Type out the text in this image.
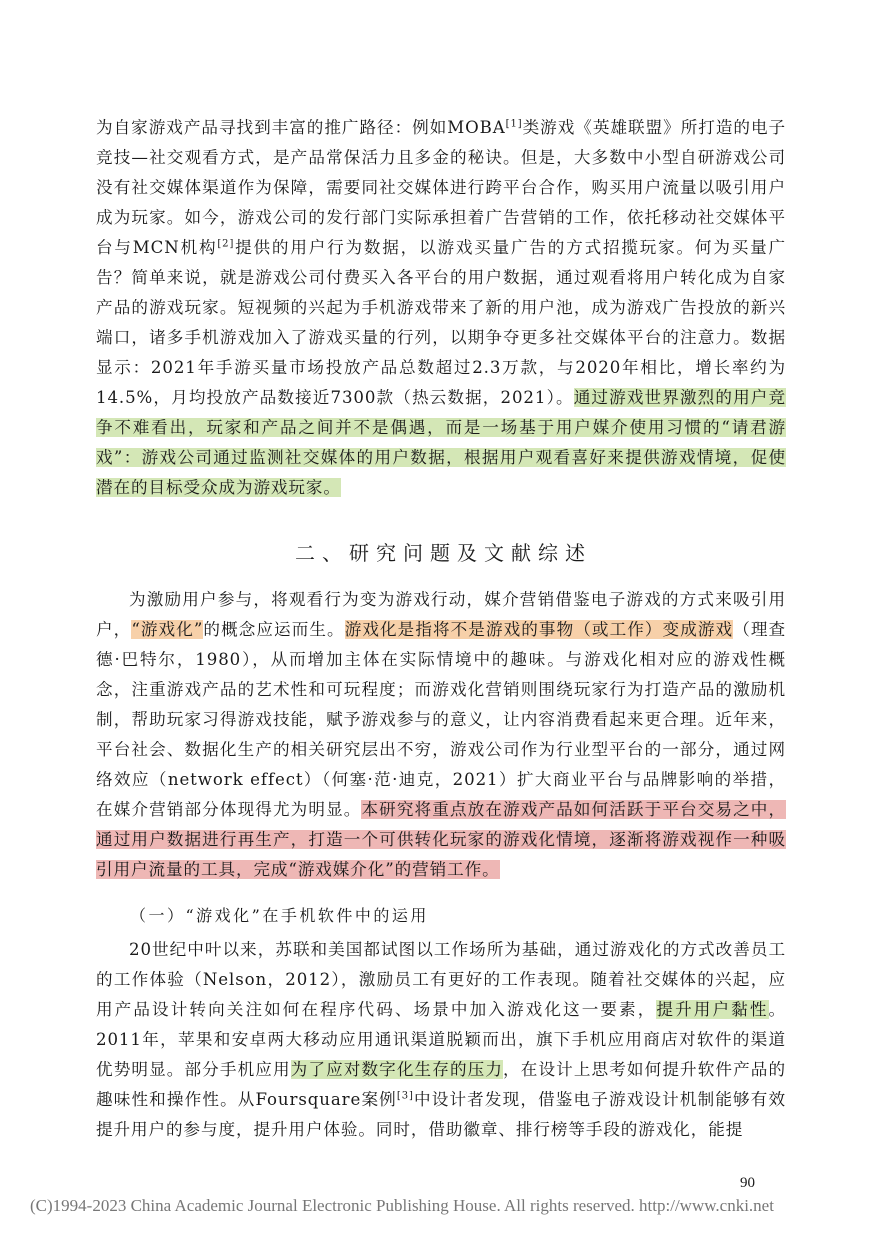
为自家游戏产品寻找到丰富的推广路径：例如MOBA[1]类游戏《英雄联盟》所打造的电子竞技—社交观看方式，是产品常保活力且多金的秘诀。但是，大多数中小型自研游戏公司没有社交媒体渠道作为保障，需要同社交媒体进行跨平台合作，购买用户流量以吸引用户成为玩家。如今，游戏公司的发行部门实际承担着广告营销的工作，依托移动社交媒体平台与MCN机构[2]提供的用户行为数据，以游戏买量广告的方式招揽玩家。何为买量广告？简单来说，就是游戏公司付费买入各平台的用户数据，通过观看将用户转化成为自家产品的游戏玩家。短视频的兴起为手机游戏带来了新的用户池，成为游戏广告投放的新兴端口，诸多手机游戏加入了游戏买量的行列，以期争夺更多社交媒体平台的注意力。数据显示：2021年手游买量市场投放产品总数超过2.3万款，与2020年相比，增长率约为14.5%，月均投放产品数接近7300款（热云数据，2021）。通过游戏世界激烈的用户竞争不难看出，玩家和产品之间并不是偶遇，而是一场基于用户媒介使用习惯的“请君游戏”：游戏公司通过监测社交媒体的用户数据，根据用户观看喜好来提供游戏情境，促使潜在的目标受众成为游戏玩家。
二、研究问题及文献综述
为激励用户参与，将观看行为变为游戏行动，媒介营销借鉴电子游戏的方式来吸引用户，“游戏化”的概念应运而生。游戏化是指将不是游戏的事物（或工作）变成游戏（理查德·巴特尔，1980），从而增加主体在实际情境中的趣味。与游戏化相对应的游戏性概念，注重游戏产品的艺术性和可玩程度；而游戏化营销则围绕玩家行为打造产品的激励机制，帮助玩家习得游戏技能，赋予游戏参与的意义，让内容消费看起来更合理。近年来，平台社会、数据化生产的相关研究层出不穷，游戏公司作为行业型平台的一部分，通过网络效应（network effect）（何塞·范·迪克，2021）扩大商业平台与品牌影响的举措，在媒介营销部分体现得尤为明显。本研究将重点放在游戏产品如何活跃于平台交易之中，通过用户数据进行再生产，打造一个可供转化玩家的游戏化情境，逐渐将游戏视作一种吸引用户流量的工具，完成“游戏媒介化”的营销工作。
（一）“游戏化”在手机软件中的运用
20世纪中叶以来，苏联和美国都试图以工作场所为基础，通过游戏化的方式改善员工的工作体验（Nelson，2012），激励员工有更好的工作表现。随着社交媒体的兴起，应用产品设计转向关注如何在程序代码、场景中加入游戏化这一要素，提升用户黏性。2011年，苹果和安卓两大移动应用通讯渠道脱颖而出，旗下手机应用商店对软件的渠道优势明显。部分手机应用为了应对数字化生存的压力，在设计上思考如何提升软件产品的趣味性和操作性。从Foursquare案例[3]中设计者发现，借鉴电子游戏设计机制能够有效提升用户的参与度，提升用户体验。同时，借助徽章、排行榜等手段的游戏化，能提
90
(C)1994-2023 China Academic Journal Electronic Publishing House. All rights reserved. http://www.cnki.net
